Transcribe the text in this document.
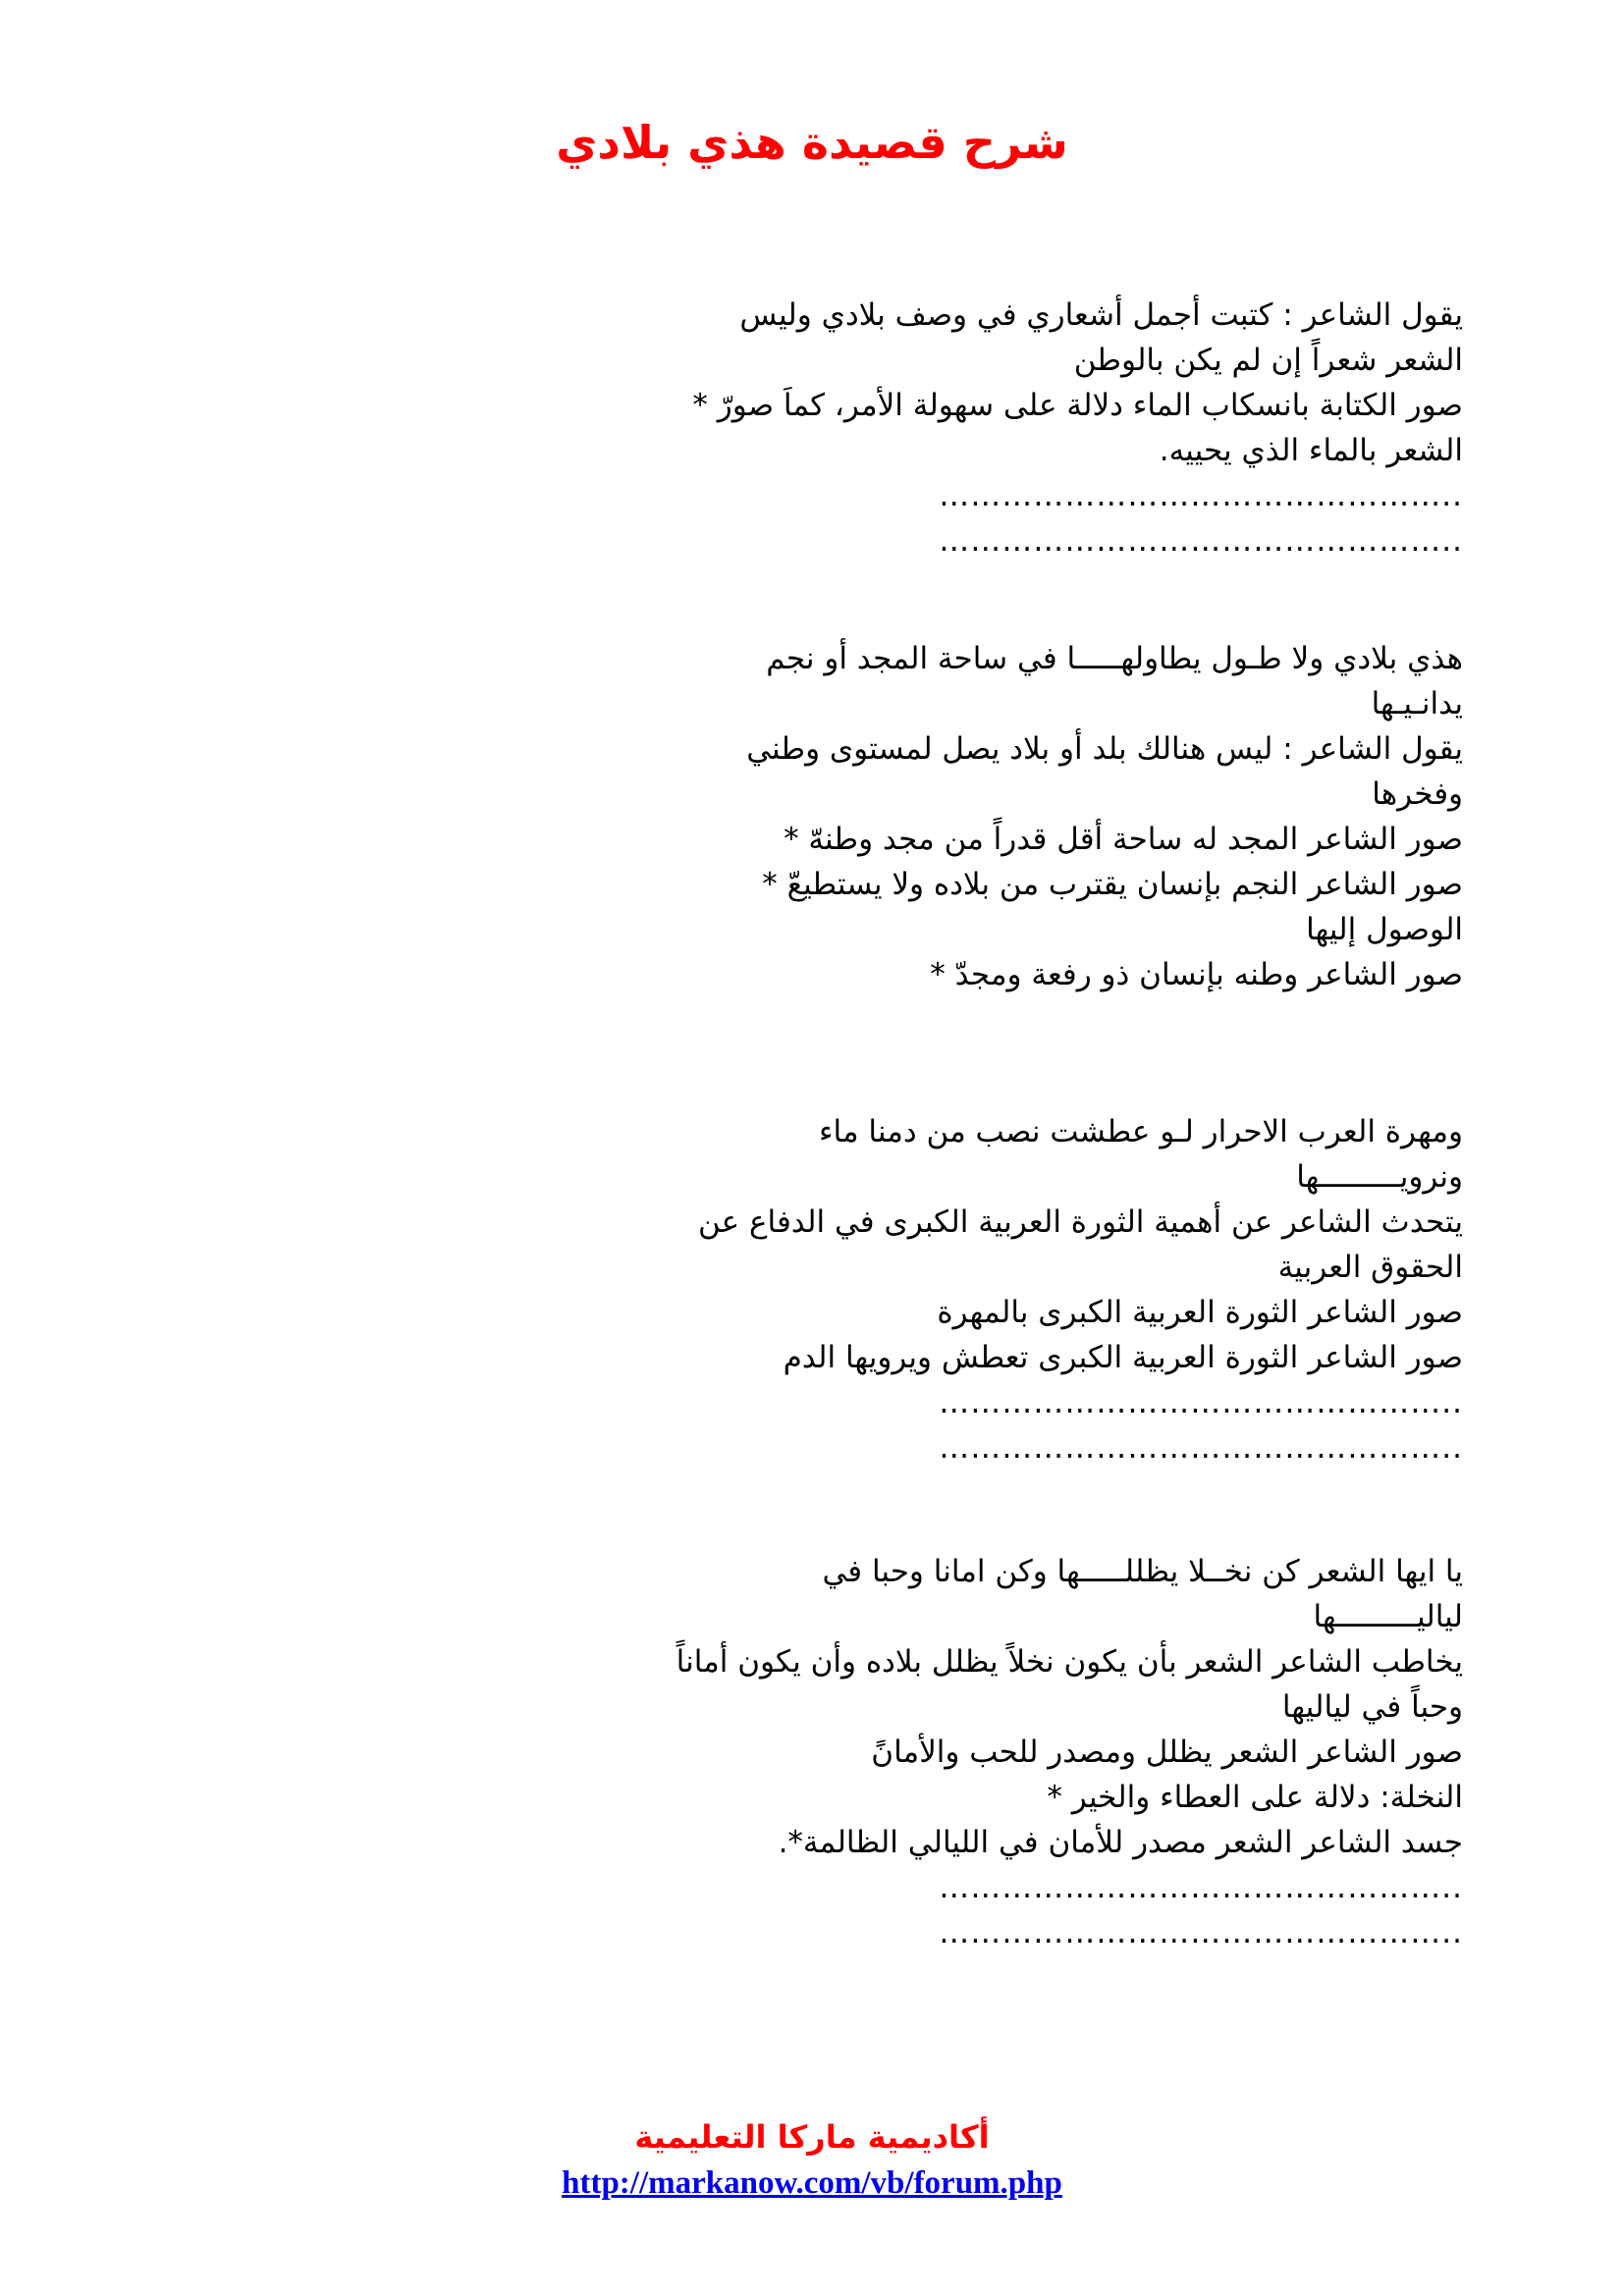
شرح قصيدة هذي بلادي
يقول الشاعر : كتبت أجمل أشعاري في وصف بلادي وليس
الشعر شعراً إن لم يكن بالوطن
صور الكتابة بانسكاب الماء دلالة على سهولة الأمر، كماَ صورّ *
الشعر بالماء الذي يحييه.
…………………………………………..
…………………………………………..
هذي بلادي ولا طـول يطاولهـــــا في ساحة المجد أو نجم
يدانـيـها
يقول الشاعر : ليس هنالك بلد أو بلاد يصل لمستوى وطني
وفخرها
صور الشاعر المجد له ساحة أقل قدراً من مجد وطنهّ *
صور الشاعر النجم بإنسان يقترب من بلاده ولا يستطيعّ *
الوصول إليها
صور الشاعر وطنه بإنسان ذو رفعة ومجدّ *
ومهرة العرب الاحرار لـو عطشت نصب من دمنا ماء
ونرويـــــــــها
يتحدث الشاعر عن أهمية الثورة العربية الكبرى في الدفاع عن
الحقوق العربية
صور الشاعر الثورة العربية الكبرى بالمهرة
صور الشاعر الثورة العربية الكبرى تعطش ويرويها الدم
…………………………………………..
…………………………………………..
يا ايها الشعر كن نخــلا يظللـــــها وكن امانا وحبا في
لياليـــــــــها
يخاطب الشاعر الشعر بأن يكون نخلاً يظلل بلاده وأن يكون أماناً
وحباً في لياليها
صور الشاعر الشعر يظلل ومصدر للحب والأمانًَ
النخلة: دلالة على العطاء والخير *
جسد الشاعر الشعر مصدر للأمان في الليالي الظالمة*.
…………………………………………..
…………………………………………..
أكاديمية ماركا التعليمية
http://markanow.com/vb/forum.php
